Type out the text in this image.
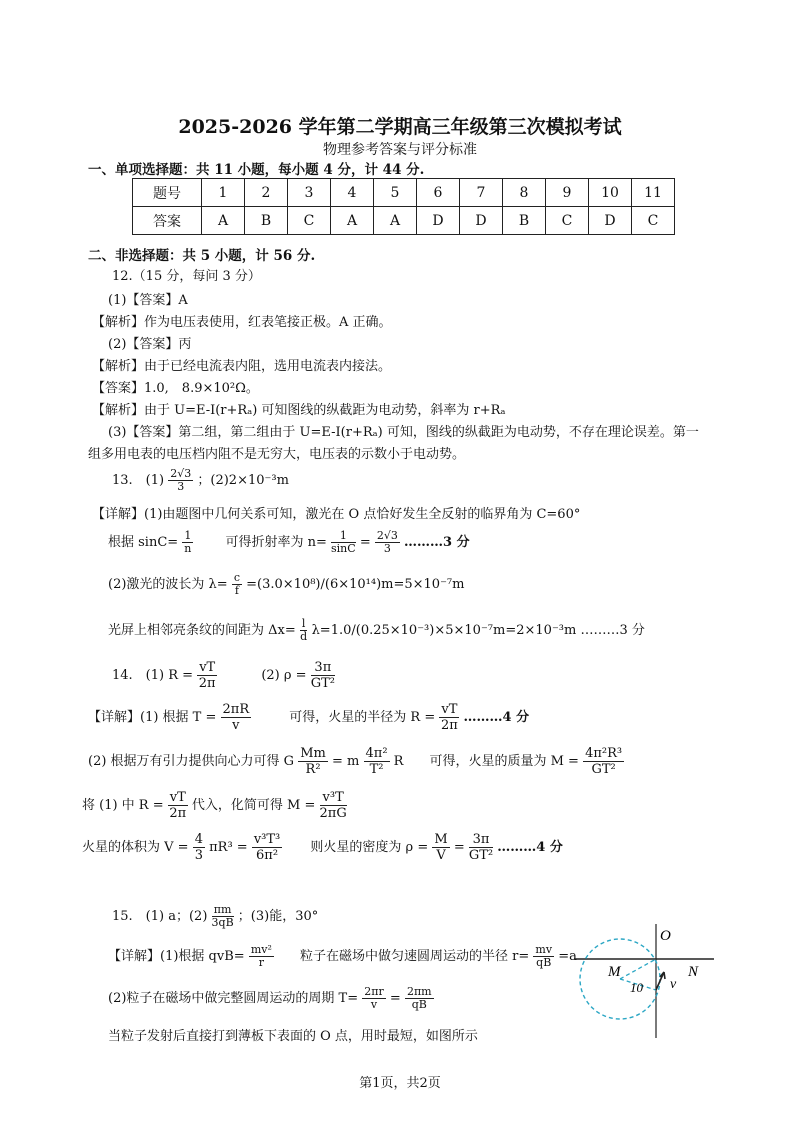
2025-2026 学年第二学期高三年级第三次模拟考试
物理参考答案与评分标准
一、单项选择题：共 11 小题，每小题 4 分，计 44 分.
题号	1	2	3	4	5	6	7	8	9	10	11
答案	A	B	C	A	A	D	D	B	C	D	C
二、非选择题：共 5 小题，计 56 分.
12.（15 分，每问 3 分）
(1)【答案】A
【解析】作为电压表使用，红表笔接正极。A 正确。
(2)【答案】丙
【解析】由于已经电流表内阻，选用电流表内接法。
【答案】1.0,　8.9×10²Ω。
【解析】由于 U=E-I(r+Rₐ) 可知图线的纵截距为电动势，斜率为 r+Rₐ
(3)【答案】第二组，第二组由于 U=E-I(r+Rₐ) 可知，图线的纵截距为电动势，不存在理论误差。第一
组多用电表的电压档内阻不是无穷大，电压表的示数小于电动势。
13.　$(1) \frac{2√3}{3}$ ；(2)2×10⁻³m
【详解】(1)由题图中几何关系可知，激光在 O 点恰好发生全反射的临界角为 C=60°
根据 $\sin C= \frac{1}{n}$ 可得折射率为 $n= \frac{1}{\sin C} = \frac{2√3}{3}$ ………3 分
(2)激光的波长为 $\lambda= \frac{c}{f} =(3.0\times 10^8)/(6\times 10^{14})m=5\times 10^{-7}m$
光屏上相邻亮条纹的间距为 $\Delta x= \frac{l}{d} \lambda=1.0/(0.25\times 10^{-3})\times 5\times 10^{-7}m=2\times 10^{-3}m$ ………3 分
14.　(1) $R = \frac{vT}{2\pi}$	(2) $\rho = \frac{3\pi}{\text{GT²}}$
【详解】(1) 根据 $T = \frac{2\pi R}{v}$	可得，火星的半径为 $R = \frac{vT}{2\pi}$ ………4 分
(2) 根据万有引力提供向心力可得 G $\frac{Mm}{\text{R²}} = m \frac{\text{4π²}}{\text{T²}}$ R　　可得，火星的质量为 $M = \frac{\text{4π²R³}}{\text{GT²}}$
将 (1) 中 $R = \frac{vT}{2\pi}$ 代入，化简可得 $M = \frac{\text{v³T}}{2\pi G}$
火星的体积为 $V = \frac{4}{3} \pi R^3 = \frac{\text{v³T³}}{\text{6π²}}$ 则火星的密度为 $\rho = \frac{M}{V} = \frac{3\pi}{\text{GT²}}$ ………4 分
15.　(1) a；$(2) \frac{\pi m}{3qB}$ ；(3)能，30°
【详解】(1)根据 $qvB= \frac{\text{mv²}}{r}$ 粒子在磁场中做匀速圆周运动的半径 $r= \frac{mv}{qB} =a$
(2)粒子在磁场中做完整圆周运动的周期 $T= \frac{2\pi r}{v} = \frac{2\pi m}{qB}$
当粒子发射后直接打到薄板下表面的 O 点，用时最短，如图所示
O
M	N
v
10
第1页，共2页
